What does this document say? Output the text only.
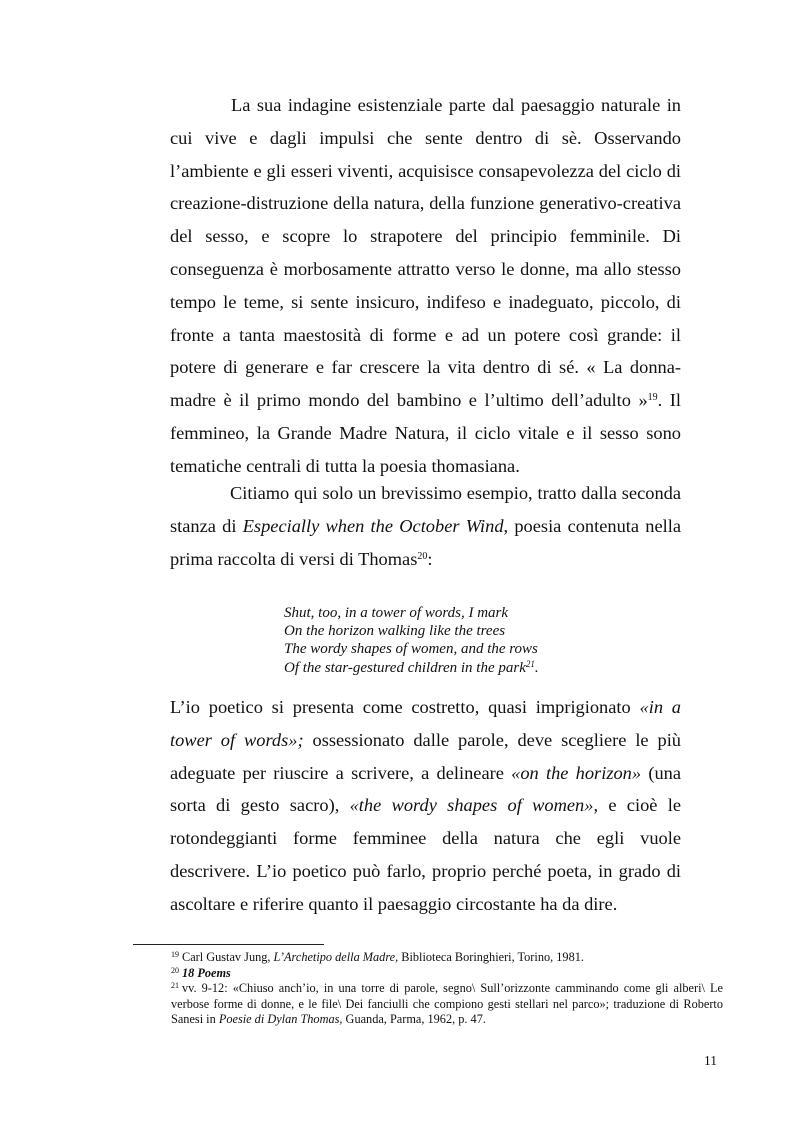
La sua indagine esistenziale parte dal paesaggio naturale in cui vive e dagli impulsi che sente dentro di sè. Osservando l’ambiente e gli esseri viventi, acquisisce consapevolezza del ciclo di creazione-distruzione della natura, della funzione generativo-creativa del sesso, e scopre lo strapotere del principio femminile. Di conseguenza è morbosamente attratto verso le donne, ma allo stesso tempo le teme, si sente insicuro, indifeso e inadeguato, piccolo, di fronte a tanta maestosità di forme e ad un potere così grande: il potere di generare e far crescere la vita dentro di sé. « La donna-madre è il primo mondo del bambino e l’ultimo dell’adulto »$^{19}$. Il femmineo, la Grande Madre Natura, il ciclo vitale e il sesso sono tematiche centrali di tutta la poesia thomasiana.

Citiamo qui solo un brevissimo esempio, tratto dalla seconda stanza di Especially when the October Wind, poesia contenuta nella prima raccolta di versi di Thomas$^{20}$:

Shut, too, in a tower of words, I mark
On the horizon walking like the trees
The wordy shapes of women, and the rows
Of the star-gestured children in the park$^{21}$.

L’io poetico si presenta come costretto, quasi imprigionato «in a tower of words»; ossessionato dalle parole, deve scegliere le più adeguate per riuscire a scrivere, a delineare «on the horizon» (una sorta di gesto sacro), «the wordy shapes of women», e cioè le rotondeggianti forme femminee della natura che egli vuole descrivere. L’io poetico può farlo, proprio perché poeta, in grado di ascoltare e riferire quanto il paesaggio circostante ha da dire.

$^{19}$ Carl Gustav Jung, L’Archetipo della Madre, Biblioteca Boringhieri, Torino, 1981.

$^{20}$ 18 Poems

$^{21}$ vv. 9-12: «Chiuso anch’io, in una torre di parole, segno\ Sull’orizzonte camminando come gli alberi\ Le verbose forme di donne, e le file\ Dei fanciulli che compiono gesti stellari nel parco»; traduzione di Roberto Sanesi in Poesie di Dylan Thomas, Guanda, Parma, 1962, p. 47.

11
